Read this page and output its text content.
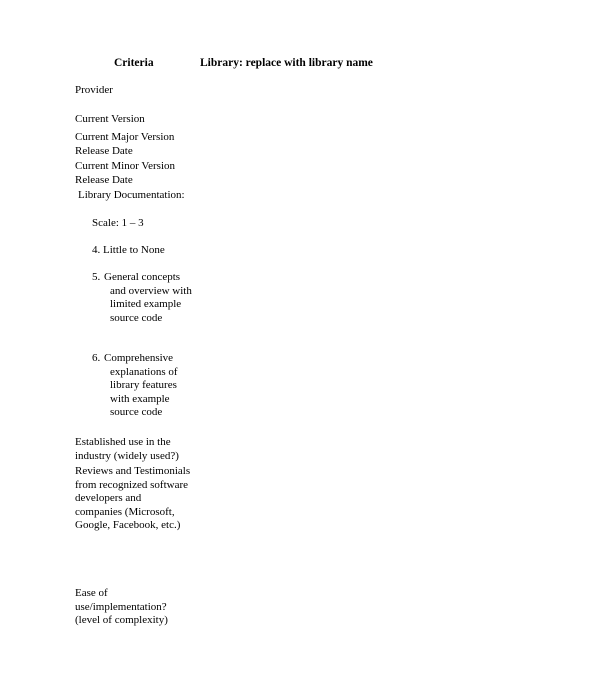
Criteria	Library: replace with library name
Provider
Current Version
Current Major Version Release Date
Current Minor Version Release Date
Library Documentation:
Scale: 1 – 3
4. Little to None
5. General concepts and overview with limited example source code
6. Comprehensive explanations of library features with example source code
Established use in the industry (widely used?)
Reviews and Testimonials from recognized software developers and companies (Microsoft, Google, Facebook, etc.)
Ease of use/implementation? (level of complexity)
